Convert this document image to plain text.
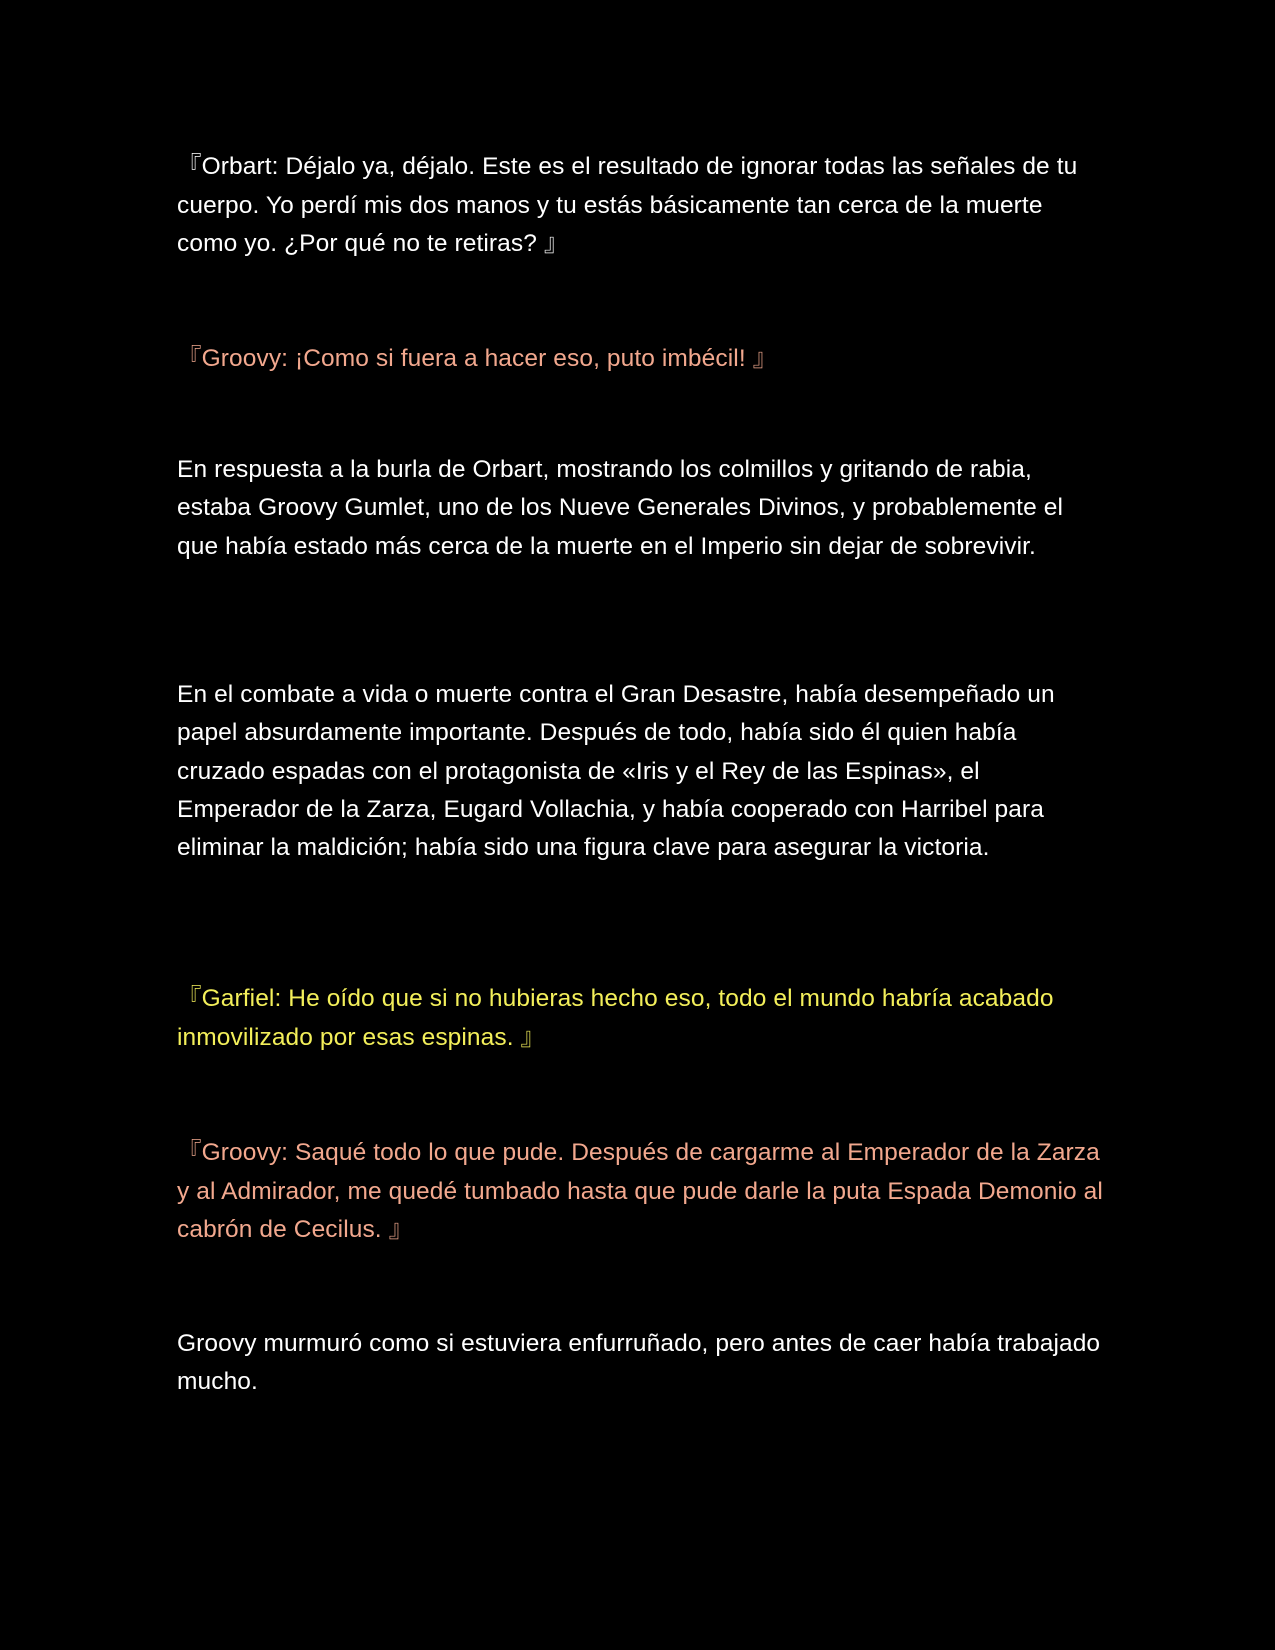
『Orbart: Déjalo ya, déjalo. Este es el resultado de ignorar todas las señales de tu cuerpo. Yo perdí mis dos manos y tu estás básicamente tan cerca de la muerte como yo. ¿Por qué no te retiras? 』

『Groovy: ¡Como si fuera a hacer eso, puto imbécil! 』

En respuesta a la burla de Orbart, mostrando los colmillos y gritando de rabia, estaba Groovy Gumlet, uno de los Nueve Generales Divinos, y probablemente el que había estado más cerca de la muerte en el Imperio sin dejar de sobrevivir.

En el combate a vida o muerte contra el Gran Desastre, había desempeñado un papel absurdamente importante. Después de todo, había sido él quien había cruzado espadas con el protagonista de «Iris y el Rey de las Espinas», el Emperador de la Zarza, Eugard Vollachia, y había cooperado con Harribel para eliminar la maldición; había sido una figura clave para asegurar la victoria.

『Garfiel: He oído que si no hubieras hecho eso, todo el mundo habría acabado inmovilizado por esas espinas. 』

『Groovy: Saqué todo lo que pude. Después de cargarme al Emperador de la Zarza y al Admirador, me quedé tumbado hasta que pude darle la puta Espada Demonio al cabrón de Cecilus. 』

Groovy murmuró como si estuviera enfurruñado, pero antes de caer había trabajado mucho.
